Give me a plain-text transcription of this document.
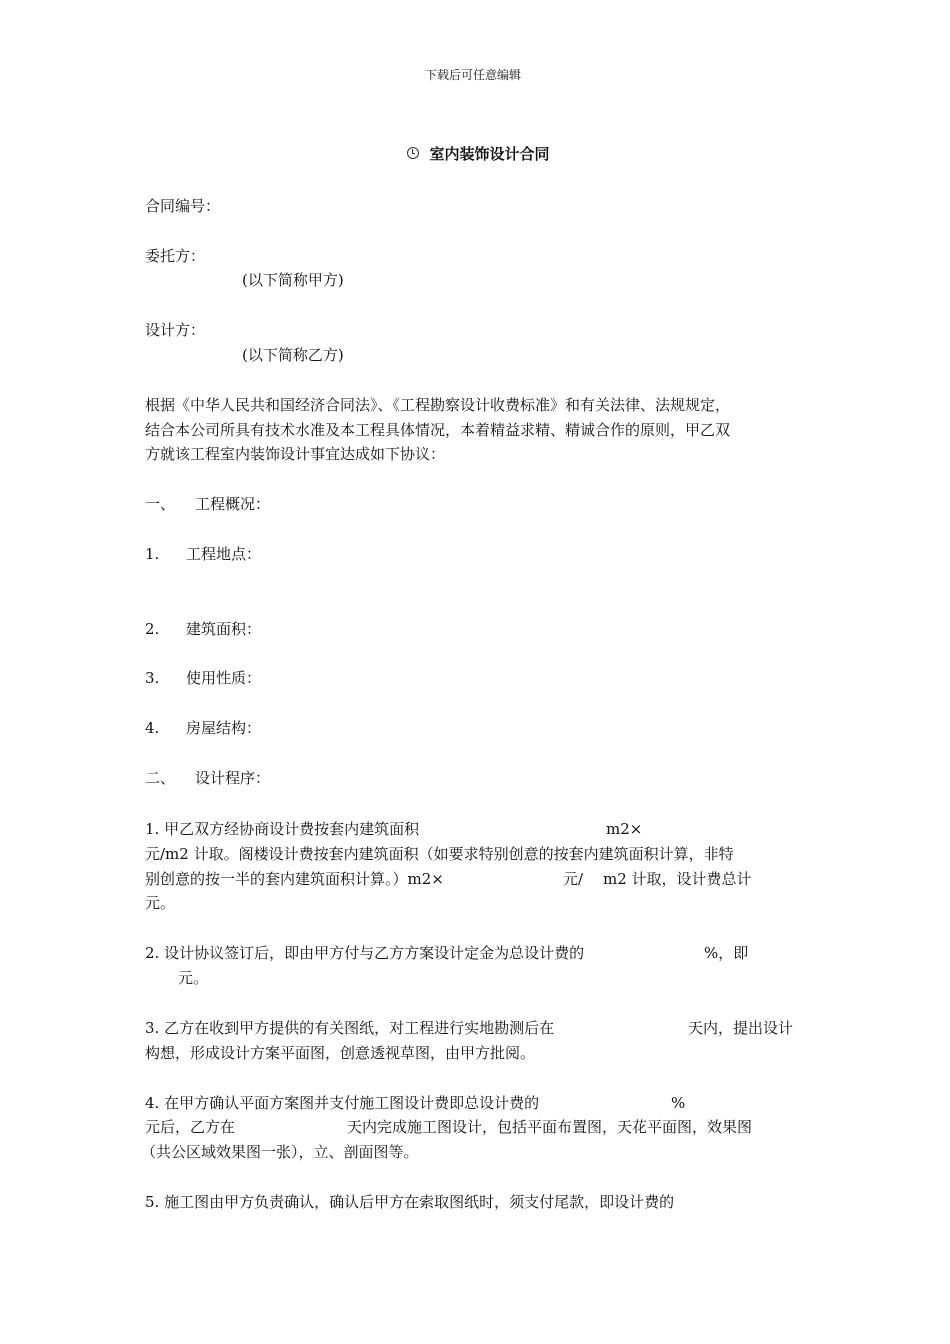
下载后可任意编辑

室内装饰设计合同

合同编号：
委托方：
(以下简称甲方)
设计方：
(以下简称乙方)
根据《中华人民共和国经济合同法》、《工程勘察设计收费标准》和有关法律、法规规定，
结合本公司所具有技术水准及本工程具体情况，本着精益求精、精诚合作的原则，甲乙双
方就该工程室内装饰设计事宜达成如下协议：
一、 工程概况：
1. 工程地点：
2. 建筑面积：
3. 使用性质：
4. 房屋结构：
二、 设计程序：
1. 甲乙双方经协商设计费按套内建筑面积	m2×
元/m2 计取。阁楼设计费按套内建筑面积（如要求特别创意的按套内建筑面积计算，非特
别创意的按一半的套内建筑面积计算。）m2×	元/ m2 计取，设计费总计
元。
2. 设计协议签订后，即由甲方付与乙方方案设计定金为总设计费的	%，即
元。
3. 乙方在收到甲方提供的有关图纸，对工程进行实地勘测后在	天内，提出设计
构想，形成设计方案平面图，创意透视草图，由甲方批阅。
4. 在甲方确认平面方案图并支付施工图设计费即总设计费的	%
元后，乙方在	天内完成施工图设计，包括平面布置图，天花平面图，效果图
（共公区域效果图一张），立、剖面图等。
5. 施工图由甲方负责确认，确认后甲方在索取图纸时，须支付尾款，即设计费的
